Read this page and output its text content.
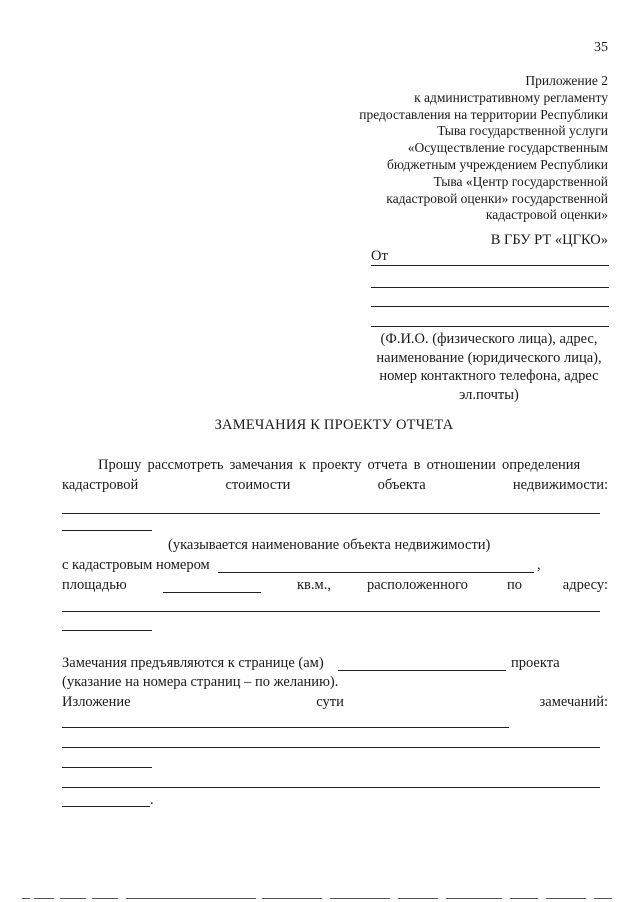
35
Приложение 2
к административному регламенту
предоставления на территории Республики
Тыва государственной услуги
«Осуществление государственным
бюджетным учреждением Республики
Тыва «Центр государственной
кадастровой оценки» государственной
кадастровой оценки»
В ГБУ РТ «ЦГКО»
От
(Ф.И.О. (физического лица), адрес,
наименование (юридического лица),
номер контактного телефона, адрес
эл.почты)
ЗАМЕЧАНИЯ К ПРОЕКТУ ОТЧЕТА
Прошу рассмотреть замечания к проекту отчета в отношении определения
кадастровой	стоимости	объекта	недвижимости:
(указывается наименование объекта недвижимости)
с кадастровым номером	,
площадью	кв.м., расположенного	по	адресу:
Замечания предъявляются к странице (ам)	проекта
(указание на номера страниц – по желанию).
Изложение	сути	замечаний:
.
